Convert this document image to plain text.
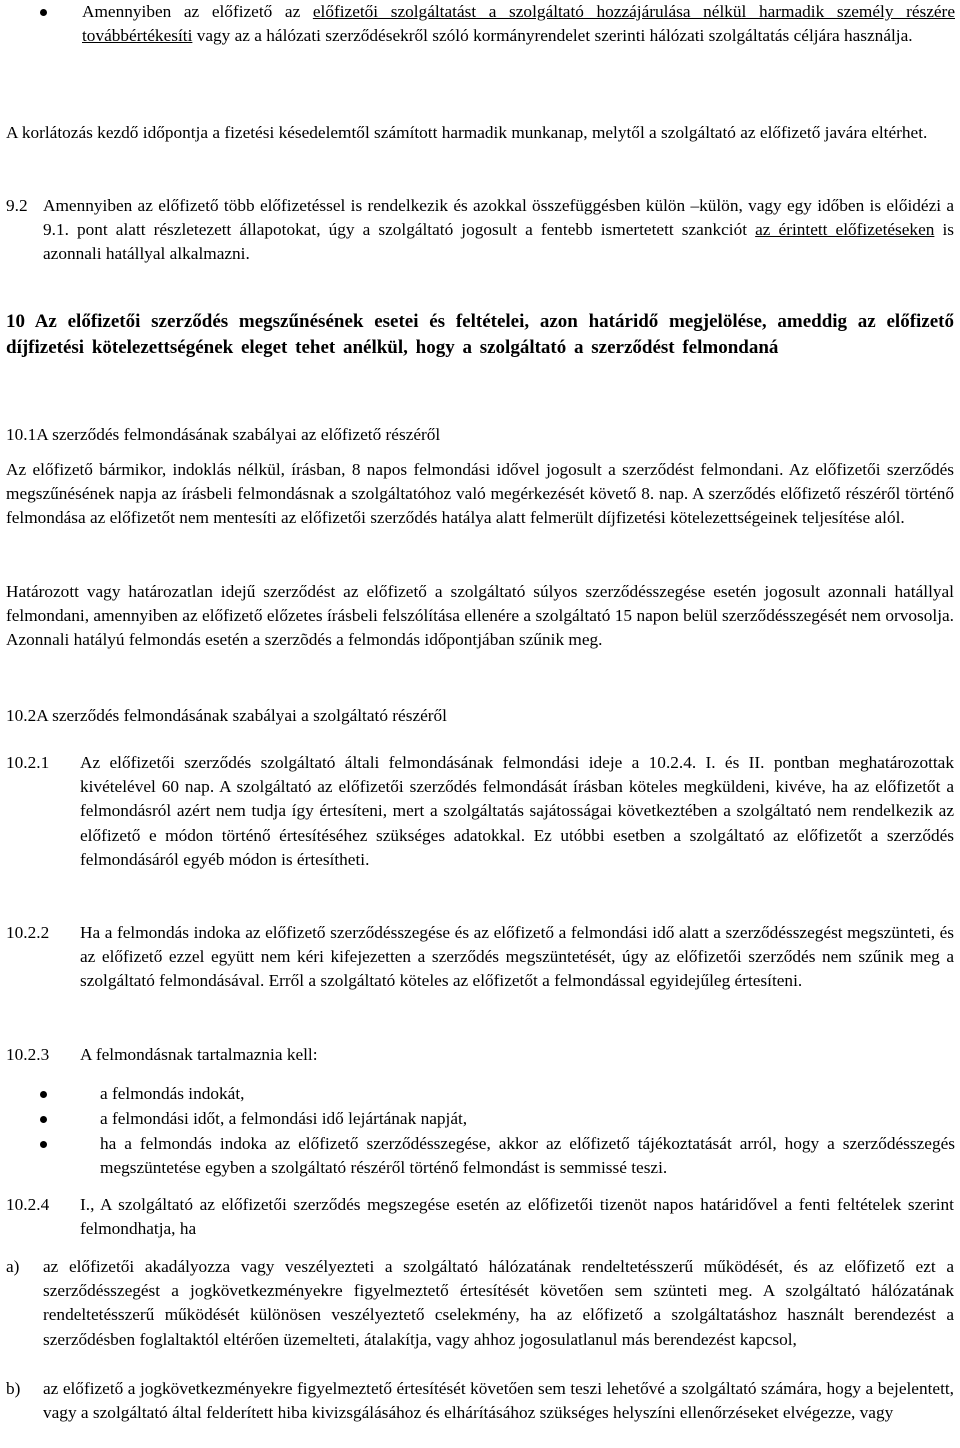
Amennyiben az előfizető az előfizetői szolgáltatást a szolgáltató hozzájárulása nélkül harmadik személy részére továbbértékesíti vagy az a hálózati szerződésekről szóló kormányrendelet szerinti hálózati szolgáltatás céljára használja.

A korlátozás kezdő időpontja a fizetési késedelemtől számított harmadik munkanap, melytől a szolgáltató az előfizető javára eltérhet.

9.2 Amennyiben az előfizető több előfizetéssel is rendelkezik és azokkal összefüggésben külön –külön, vagy egy időben is előidézi a 9.1. pont alatt részletezett állapotokat, úgy a szolgáltató jogosult a fentebb ismertetett szankciót az érintett előfizetéseken is azonnali hatállyal alkalmazni.

10 Az előfizetői szerződés megszűnésének esetei és feltételei, azon határidő megjelölése, ameddig az előfizető díjfizetési kötelezettségének eleget tehet anélkül, hogy a szolgáltató a szerződést felmondaná

10.1A szerződés felmondásának szabályai az előfizető részéről

Az előfizető bármikor, indoklás nélkül, írásban, 8 napos felmondási idővel jogosult a szerződést felmondani. Az előfizetői szerződés megszűnésének napja az írásbeli felmondásnak a szolgáltatóhoz való megérkezését követő 8. nap. A szerződés előfizető részéről történő felmondása az előfizetőt nem mentesíti az előfizetői szerződés hatálya alatt felmerült díjfizetési kötelezettségeinek teljesítése alól.

Határozott vagy határozatlan idejű szerződést az előfizető a szolgáltató súlyos szerződésszegése esetén jogosult azonnali hatállyal felmondani, amennyiben az előfizető előzetes írásbeli felszólítása ellenére a szolgáltató 15 napon belül szerződésszegését nem orvosolja. Azonnali hatályú felmondás esetén a szerzõdés a felmondás időpontjában szűnik meg.

10.2A szerződés felmondásának szabályai a szolgáltató részéről

10.2.1 Az előfizetői szerződés szolgáltató általi felmondásának felmondási ideje a 10.2.4. I. és II. pontban meghatározottak kivételével 60 nap. A szolgáltató az előfizetői szerződés felmondását írásban köteles megküldeni, kivéve, ha az előfizetőt a felmondásról azért nem tudja így értesíteni, mert a szolgáltatás sajátosságai következtében a szolgáltató nem rendelkezik az előfizető e módon történő értesítéséhez szükséges adatokkal. Ez utóbbi esetben a szolgáltató az előfizetőt a szerződés felmondásáról egyéb módon is értesítheti.

10.2.2 Ha a felmondás indoka az előfizető szerződésszegése és az előfizető a felmondási idő alatt a szerződésszegést megszünteti, és az előfizető ezzel együtt nem kéri kifejezetten a szerződés megszüntetését, úgy az előfizetői szerződés nem szűnik meg a szolgáltató felmondásával. Erről a szolgáltató köteles az előfizetőt a felmondással egyidejűleg értesíteni.

10.2.3 A felmondásnak tartalmaznia kell:

a felmondás indokát,

a felmondási időt, a felmondási idő lejártának napját,

ha a felmondás indoka az előfizető szerződésszegése, akkor az előfizető tájékoztatását arról, hogy a szerződésszegés megszüntetése egyben a szolgáltató részéről történő felmondást is semmissé teszi.

10.2.4 I., A szolgáltató az előfizetői szerződés megszegése esetén az előfizetői tizenöt napos határidővel a fenti feltételek szerint felmondhatja, ha

a) az előfizetői akadályozza vagy veszélyezteti a szolgáltató hálózatának rendeltetésszerű működését, és az előfizető ezt a szerződésszegést a jogkövetkezményekre figyelmeztető értesítését követően sem szünteti meg. A szolgáltató hálózatának rendeltetésszerű működését különösen veszélyeztető cselekmény, ha az előfizető a szolgáltatáshoz használt berendezést a szerződésben foglaltaktól eltérően üzemelteti, átalakítja, vagy ahhoz jogosulatlanul más berendezést kapcsol,

b) az előfizető a jogkövetkezményekre figyelmeztető értesítését követően sem teszi lehetővé a szolgáltató számára, hogy a bejelentett, vagy a szolgáltató által felderített hiba kivizsgálásához és elhárításához szükséges helyszíni ellenőrzéseket elvégezze, vagy
